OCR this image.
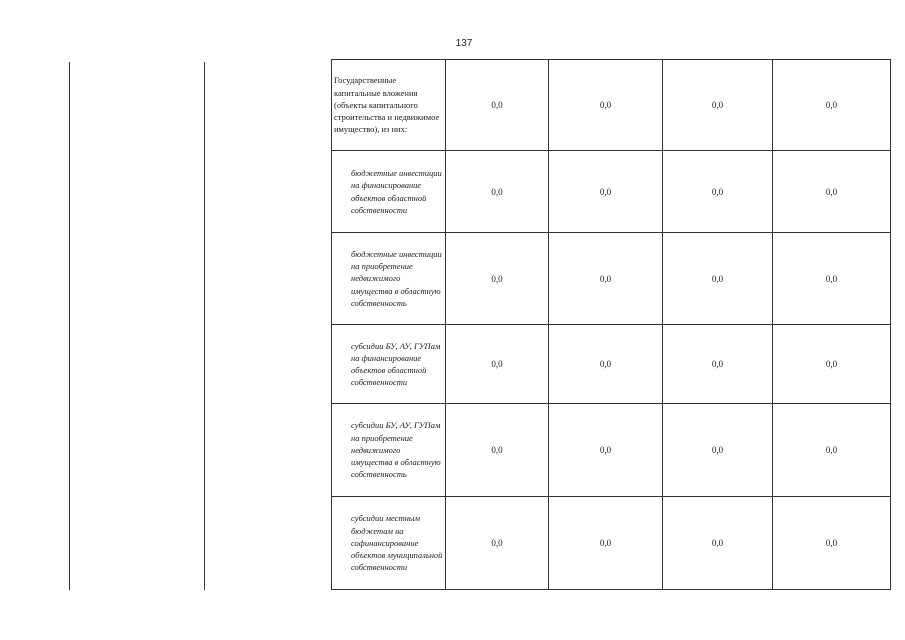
137
Государственные капитальные вложения (объекты капитального строительства и недвижимое имущество), из них:	0,0	0,0	0,0	0,0

бюджетные инвестиции на финансирование объектов областной собственности	0,0	0,0	0,0	0,0

бюджетные инвестиции на приобретение недвижимого имущества в областную собственность	0,0	0,0	0,0	0,0

субсидии БУ, АУ, ГУПам на финансирование объектов областной собственности	0,0	0,0	0,0	0,0

субсидии БУ, АУ, ГУПам на приобретение недвижимого имущества в областную собственность	0,0	0,0	0,0	0,0

субсидии местным бюджетам на софинансирование объектов муниципальной собственности	0,0	0,0	0,0	0,0
